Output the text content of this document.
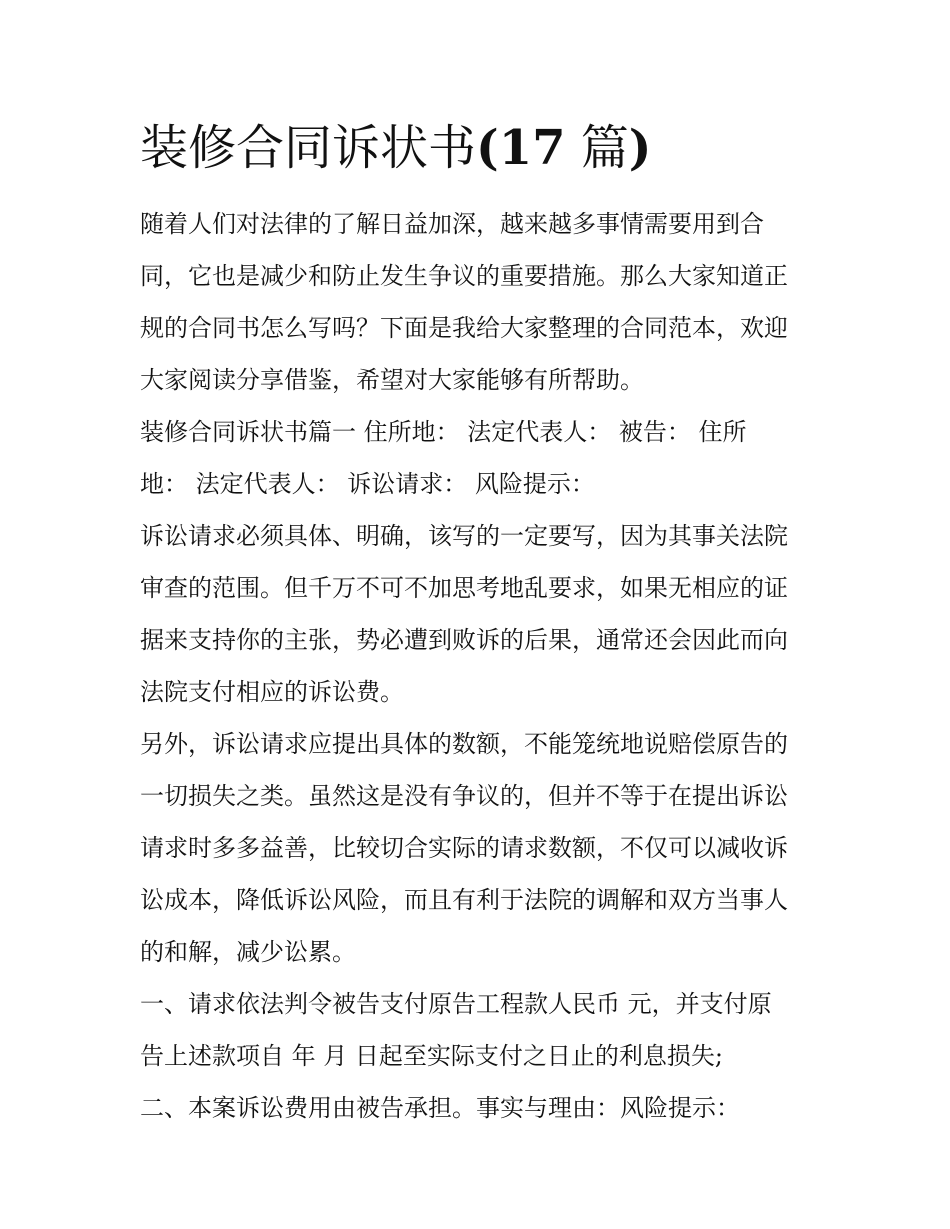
装修合同诉状书(17 篇)

随着人们对法律的了解日益加深，越来越多事情需要用到合

同，它也是减少和防止发生争议的重要措施。那么大家知道正

规的合同书怎么写吗？下面是我给大家整理的合同范本，欢迎

大家阅读分享借鉴，希望对大家能够有所帮助。

装修合同诉状书篇一 住所地： 法定代表人： 被告： 住所

地： 法定代表人： 诉讼请求： 风险提示：

诉讼请求必须具体、明确，该写的一定要写，因为其事关法院

审查的范围。但千万不可不加思考地乱要求，如果无相应的证

据来支持你的主张，势必遭到败诉的后果，通常还会因此而向

法院支付相应的诉讼费。

另外，诉讼请求应提出具体的数额，不能笼统地说赔偿原告的

一切损失之类。虽然这是没有争议的，但并不等于在提出诉讼

请求时多多益善，比较切合实际的请求数额，不仅可以减收诉

讼成本，降低诉讼风险，而且有利于法院的调解和双方当事人

的和解，减少讼累。

一、请求依法判令被告支付原告工程款人民币 元，并支付原

告上述款项自 年 月 日起至实际支付之日止的利息损失;

二、本案诉讼费用由被告承担。事实与理由：风险提示：
